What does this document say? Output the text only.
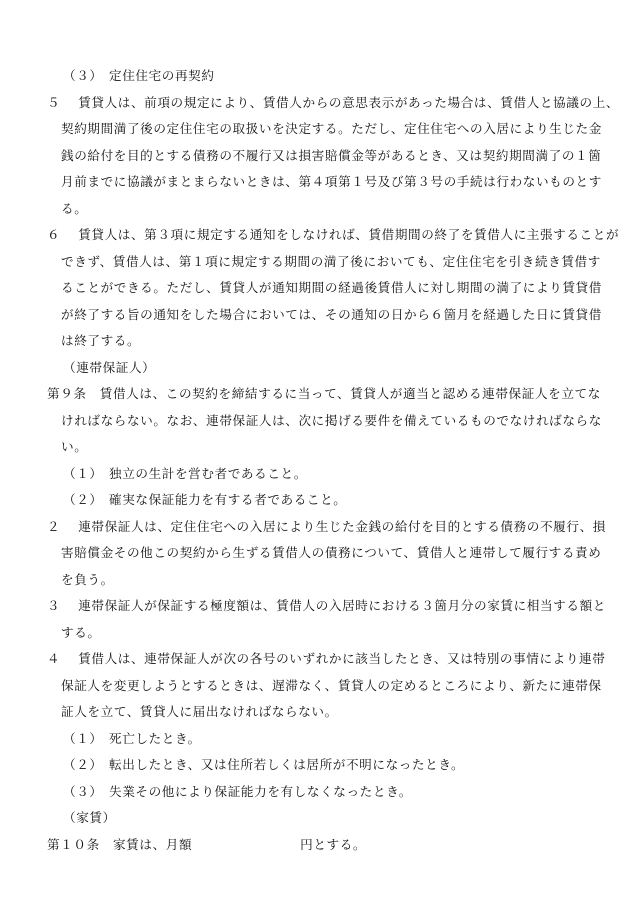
（３） 定住住宅の再契約
５　 賃貸人は、前項の規定により、賃借人からの意思表示があった場合は、賃借人と協議の上、
契約期間満了後の定住住宅の取扱いを決定する。ただし、定住住宅への入居により生じた金
銭の給付を目的とする債務の不履行又は損害賠償金等があるとき、又は契約期間満了の１箇
月前までに協議がまとまらないときは、第４項第１号及び第３号の手続は行わないものとす
る。
６　 賃貸人は、第３項に規定する通知をしなければ、賃借期間の終了を賃借人に主張することが
できず、賃借人は、第１項に規定する期間の満了後においても、定住住宅を引き続き賃借す
ることができる。ただし、賃貸人が通知期間の経過後賃借人に対し期間の満了により賃貸借
が終了する旨の通知をした場合においては、その通知の日から６箇月を経過した日に賃貸借
は終了する。
（連帯保証人）
第９条　 賃借人は、この契約を締結するに当って、賃貸人が適当と認める連帯保証人を立てな
ければならない。なお、連帯保証人は、次に掲げる要件を備えているものでなければならな
い。
（１） 独立の生計を営む者であること。
（２） 確実な保証能力を有する者であること。
２　 連帯保証人は、定住住宅への入居により生じた金銭の給付を目的とする債務の不履行、損
害賠償金その他この契約から生ずる賃借人の債務について、賃借人と連帯して履行する責め
を負う。
３　 連帯保証人が保証する極度額は、賃借人の入居時における３箇月分の家賃に相当する額と
する。
４　 賃借人は、連帯保証人が次の各号のいずれかに該当したとき、又は特別の事情により連帯
保証人を変更しようとするときは、遅滞なく、賃貸人の定めるところにより、新たに連帯保
証人を立て、賃貸人に届出なければならない。
（１） 死亡したとき。
（２） 転出したとき、又は住所若しくは居所が不明になったとき。
（３） 失業その他により保証能力を有しなくなったとき。
（家賃）
第１０条　 家賃は、月額	円とする。
